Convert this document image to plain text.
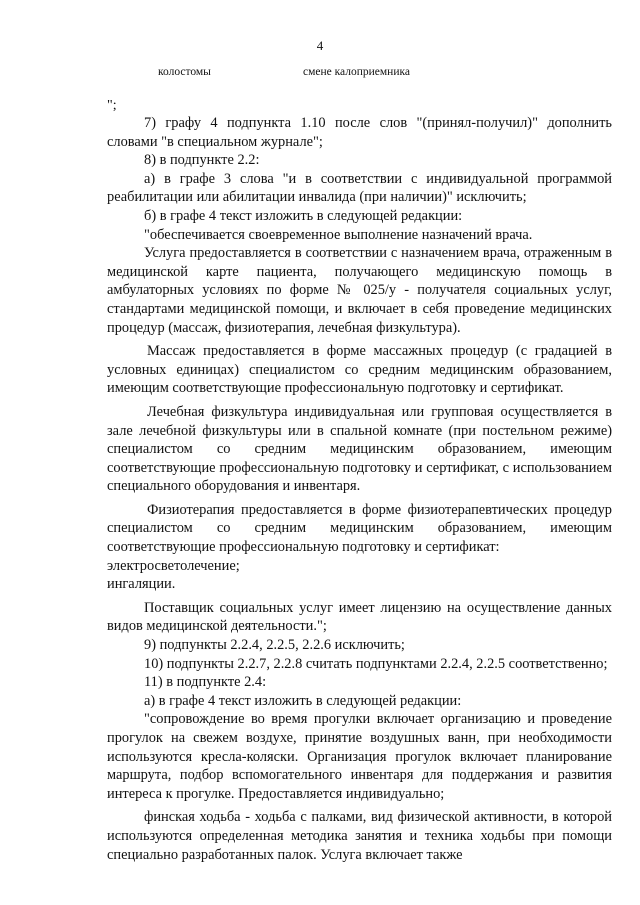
4
колостомы	смене калоприемника
";

7) графу 4 подпункта 1.10 после слов "(принял-получил)" дополнить словами "в специальном журнале";

8) в подпункте 2.2:

а) в графе 3 слова "и в соответствии с индивидуальной программой реабилитации или абилитации инвалида (при наличии)" исключить;

б) в графе 4 текст изложить в следующей редакции:

"обеспечивается своевременное выполнение назначений врача.

Услуга предоставляется в соответствии с назначением врача, отраженным в медицинской карте пациента, получающего медицинскую помощь в амбулаторных условиях по форме № 025/у - получателя социальных услуг, стандартами медицинской помощи, и включает в себя проведение медицинских процедур (массаж, физиотерапия, лечебная физкультура).

Массаж предоставляется в форме массажных процедур (с градацией в условных единицах) специалистом со средним медицинским образованием, имеющим соответствующие профессиональную подготовку и сертификат.

Лечебная физкультура индивидуальная или групповая осуществляется в зале лечебной физкультуры или в спальной комнате (при постельном режиме) специалистом со средним медицинским образованием, имеющим соответствующие профессиональную подготовку и сертификат, с использованием специального оборудования и инвентаря.

Физиотерапия предоставляется в форме физиотерапевтических процедур специалистом со средним медицинским образованием, имеющим соответствующие профессиональную подготовку и сертификат:

электросветолечение;

ингаляции.

Поставщик социальных услуг имеет лицензию на осуществление данных видов медицинской деятельности.";

9) подпункты 2.2.4, 2.2.5, 2.2.6 исключить;

10) подпункты 2.2.7, 2.2.8 считать подпунктами 2.2.4, 2.2.5 соответственно;

11) в подпункте 2.4:

а) в графе 4 текст изложить в следующей редакции:

"сопровождение во время прогулки включает организацию и проведение прогулок на свежем воздухе, принятие воздушных ванн, при необходимости используются кресла-коляски. Организация прогулок включает планирование маршрута, подбор вспомогательного инвентаря для поддержания и развития интереса к прогулке. Предоставляется индивидуально;

финская ходьба - ходьба с палками, вид физической активности, в которой используются определенная методика занятия и техника ходьбы при помощи специально разработанных палок. Услуга включает также
